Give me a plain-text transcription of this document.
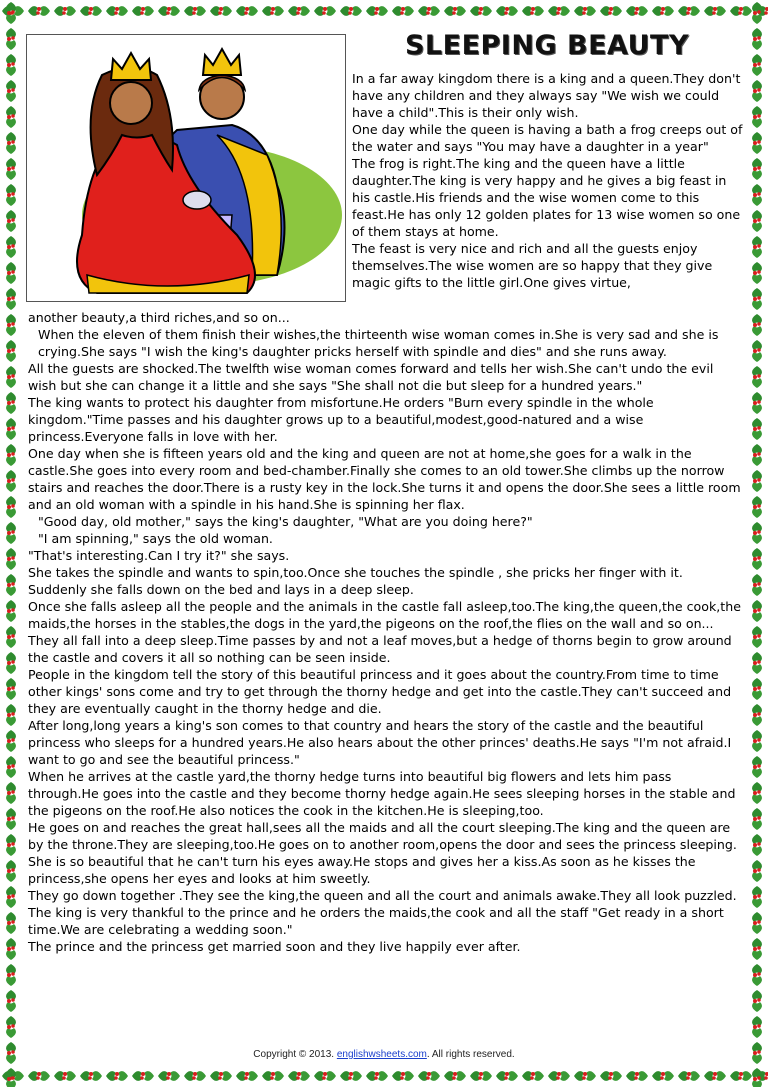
SLEEPING BEAUTY

In a far away kingdom there is a king and a queen.They don't have any children and they always say "We wish we could have a child".This is their only wish.

One day while the queen is having a bath a frog creeps out of the water and says "You may have a daughter in a year"

The frog is right.The king and the queen have a little daughter.The king is very happy and he gives a big feast in his castle.His friends and the wise women come to this feast.He has only 12 golden plates for 13 wise women so one of them stays at home.

The feast is very nice and rich and all the guests enjoy themselves.The wise women are so happy that they give magic gifts to the little girl.One gives virtue,

another beauty,a third riches,and so on...

When the eleven of them finish their wishes,the thirteenth wise woman comes in.She is very sad and she is crying.She says "I wish the king's daughter pricks herself with spindle and dies" and she runs away.

All the guests are shocked.The twelfth wise woman comes forward and tells her wish.She can't undo the evil wish but she can change it a little and she says "She shall not die but sleep for a hundred years."

The king wants to protect his daughter from misfortune.He orders "Burn every spindle in the whole kingdom."Time passes and his daughter grows up to a beautiful,modest,good-natured and a wise princess.Everyone falls in love with her.

One day when she is fifteen years old and the king and queen are not at home,she goes for a walk in the castle.She goes into every room and bed-chamber.Finally she comes to an old tower.She climbs up the norrow stairs and reaches the door.There is a rusty key in the lock.She turns it and opens the door.She sees a little room and an old woman with a spindle in his hand.She is spinning her flax.

"Good day, old mother," says the king's daughter, "What are you doing here?"

"I am spinning," says the old woman.

"That's interesting.Can I try it?" she says.

She takes the spindle and wants to spin,too.Once she touches the spindle , she pricks her finger with it.

Suddenly she falls down on the bed and lays in a deep sleep.

Once she falls asleep all the people and the animals in the castle fall asleep,too.The king,the queen,the cook,the maids,the horses in the stables,the dogs in the yard,the pigeons on the roof,the flies on the wall and so on... They all fall into a deep sleep.Time passes by and not a leaf moves,but a hedge of thorns begin to grow around the castle and covers it all so nothing can be seen inside.

People in the kingdom tell the story of this beautiful princess and it goes about the country.From time to time other kings' sons come and try to get through the thorny hedge and get into the castle.They can't succeed and they are eventually caught in the thorny hedge and die.

After long,long years a king's son comes to that country and hears the story of the castle and the beautiful princess who sleeps for a hundred years.He also hears about the other princes' deaths.He says "I'm not afraid.I want to go and see the beautiful princess."

When he arrives at the castle yard,the thorny hedge turns into beautiful big flowers and lets him pass through.He goes into the castle and they become thorny hedge again.He sees sleeping horses in the stable and the pigeons on the roof.He also notices the cook in the kitchen.He is sleeping,too.

He goes on and reaches the great hall,sees all the maids and all the court sleeping.The king and the queen are by the throne.They are sleeping,too.He goes on to another room,opens the door and sees the princess sleeping.

She is so beautiful that he can't turn his eyes away.He stops and gives her a kiss.As soon as he kisses the princess,she opens her eyes and looks at him sweetly.

They go down together .They see the king,the queen and all the court and animals awake.They all look puzzled.

The king is very thankful to the prince and he orders the maids,the cook and all the staff "Get ready in a short time.We are celebrating a wedding soon."

The prince and the princess get married soon and they live happily ever after.

Copyright © 2013. englishwsheets.com. All rights reserved.
